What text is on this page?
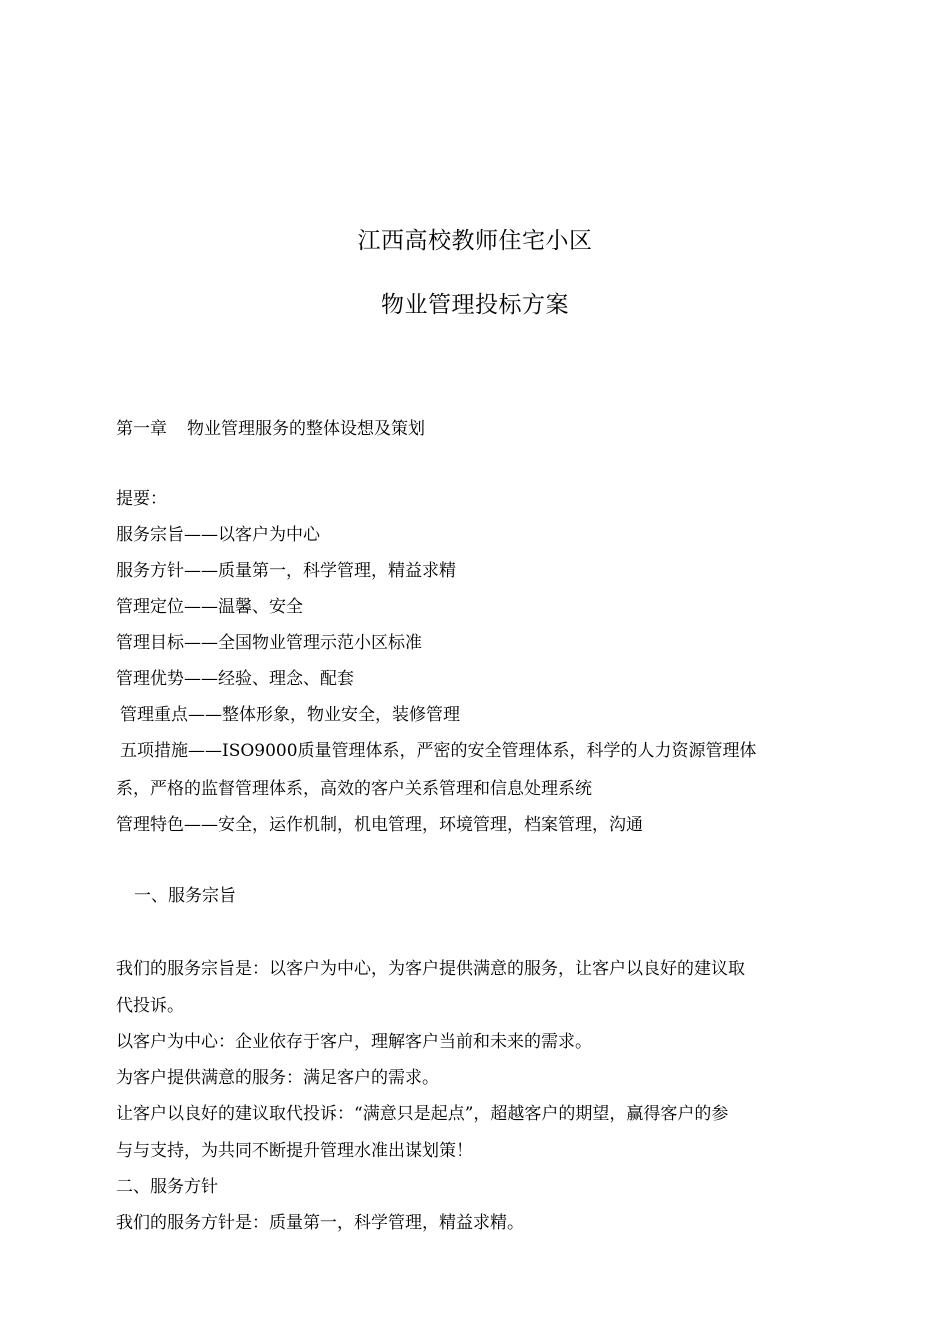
江西高校教师住宅小区
物业管理投标方案
第一章 物业管理服务的整体设想及策划
提要：
服务宗旨——以客户为中心
服务方针——质量第一，科学管理，精益求精
管理定位——温馨、安全
管理目标——全国物业管理示范小区标准
管理优势——经验、理念、配套
管理重点——整体形象，物业安全，装修管理
五项措施——ISO9000质量管理体系，严密的安全管理体系，科学的人力资源管理体
系，严格的监督管理体系，高效的客户关系管理和信息处理系统
管理特色——安全，运作机制，机电管理，环境管理，档案管理，沟通
一、服务宗旨
我们的服务宗旨是：以客户为中心，为客户提供满意的服务，让客户以良好的建议取
代投诉。
以客户为中心：企业依存于客户，理解客户当前和未来的需求。
为客户提供满意的服务：满足客户的需求。
让客户以良好的建议取代投诉：“满意只是起点”，超越客户的期望，赢得客户的参
与与支持，为共同不断提升管理水准出谋划策！
二、服务方针
我们的服务方针是：质量第一，科学管理，精益求精。
